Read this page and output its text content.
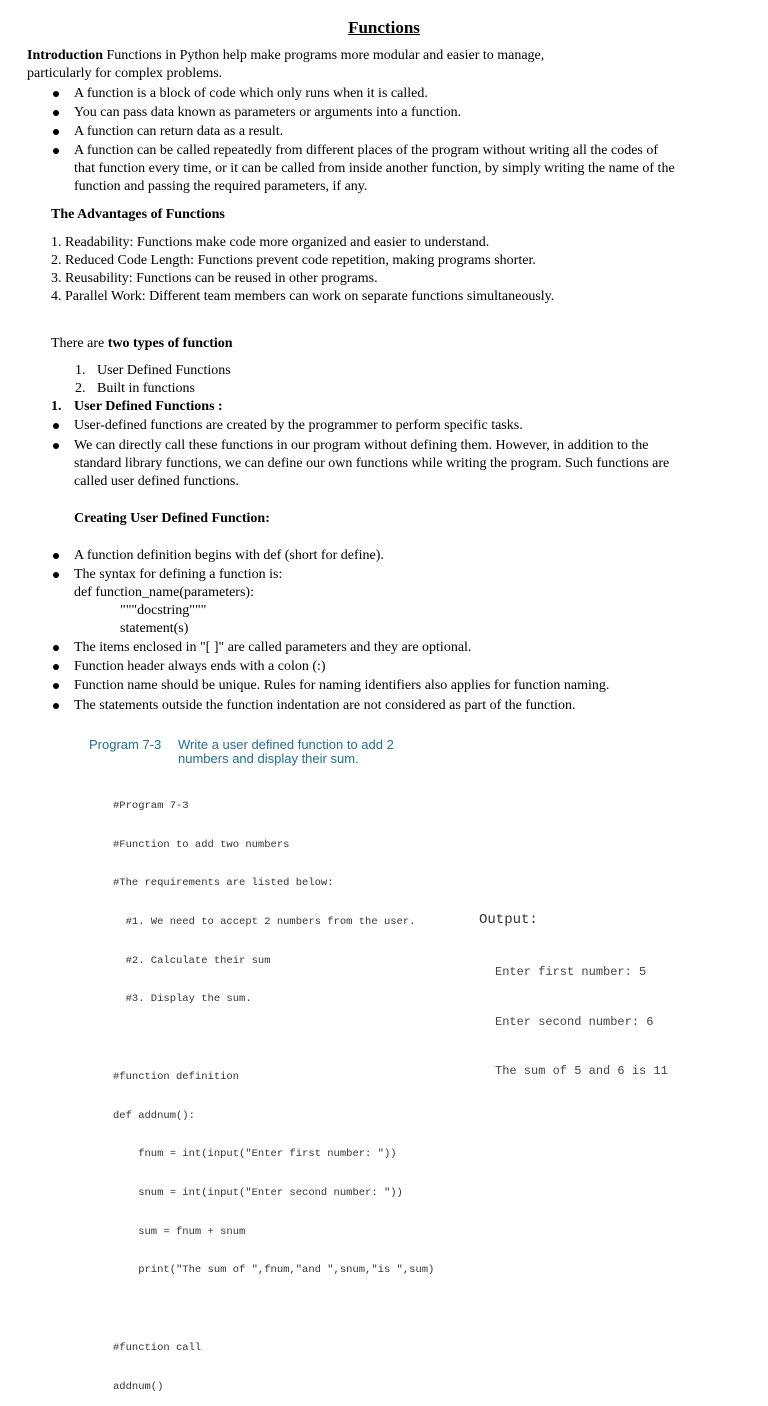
Functions
Introduction Functions in Python help make programs more modular and easier to manage,
particularly for complex problems.
A function is a block of code which only runs when it is called.
You can pass data known as parameters or arguments into a function.
A function can return data as a result.
A function can be called repeatedly from different places of the program without writing all the codes of
that function every time, or it can be called from inside another function, by simply writing the name of the
function and passing the required parameters, if any.
The Advantages of Functions
1. Readability: Functions make code more organized and easier to understand.
2. Reduced Code Length: Functions prevent code repetition, making programs shorter.
3. Reusability: Functions can be reused in other programs.
4. Parallel Work: Different team members can work on separate functions simultaneously.
There are two types of function
1. User Defined Functions
2. Built in functions
1. User Defined Functions :
User-defined functions are created by the programmer to perform specific tasks.
We can directly call these functions in our program without defining them. However, in addition to the
standard library functions, we can define our own functions while writing the program. Such functions are
called user defined functions.
Creating User Defined Function:
A function definition begins with def (short for define).
The syntax for defining a function is:
def function_name(parameters):
"""docstring"""
statement(s)
The items enclosed in "[ ]" are called parameters and they are optional.
Function header always ends with a colon (:)
Function name should be unique. Rules for naming identifiers also applies for function naming.
The statements outside the function indentation are not considered as part of the function.
Program 7-3 Write a user defined function to add 2
numbers and display their sum.

#Program 7-3

#Function to add two numbers

#The requirements are listed below:

#1. We need to accept 2 numbers from the user.

#2. Calculate their sum

#3. Display the sum.

#function definition

def addnum():

fnum = int(input("Enter first number: "))

snum = int(input("Enter second number: "))

sum = fnum + snum

print("The sum of ",fnum,"and ",snum,"is ",sum)

#function call

addnum()

Output:

Enter first number: 5

Enter second number: 6

The sum of 5 and 6 is 11
